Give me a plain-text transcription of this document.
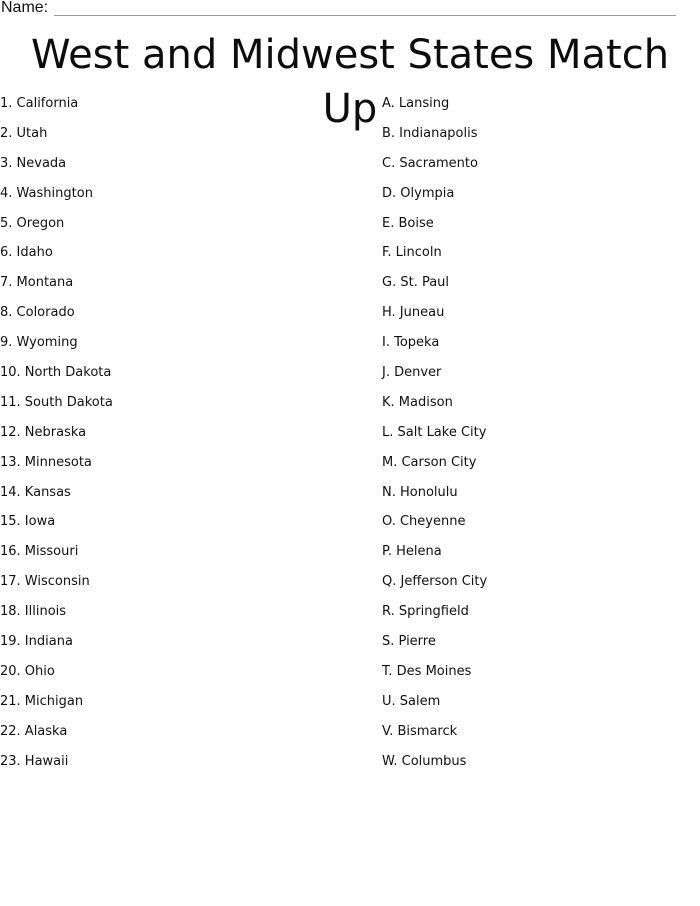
Name:
West and Midwest States Match Up
1. California
2. Utah
3. Nevada
4. Washington
5. Oregon
6. Idaho
7. Montana
8. Colorado
9. Wyoming
10. North Dakota
11. South Dakota
12. Nebraska
13. Minnesota
14. Kansas
15. Iowa
16. Missouri
17. Wisconsin
18. Illinois
19. Indiana
20. Ohio
21. Michigan
22. Alaska
23. Hawaii
A. Lansing
B. Indianapolis
C. Sacramento
D. Olympia
E. Boise
F. Lincoln
G. St. Paul
H. Juneau
I. Topeka
J. Denver
K. Madison
L. Salt Lake City
M. Carson City
N. Honolulu
O. Cheyenne
P. Helena
Q. Jefferson City
R. Springfield
S. Pierre
T. Des Moines
U. Salem
V. Bismarck
W. Columbus
